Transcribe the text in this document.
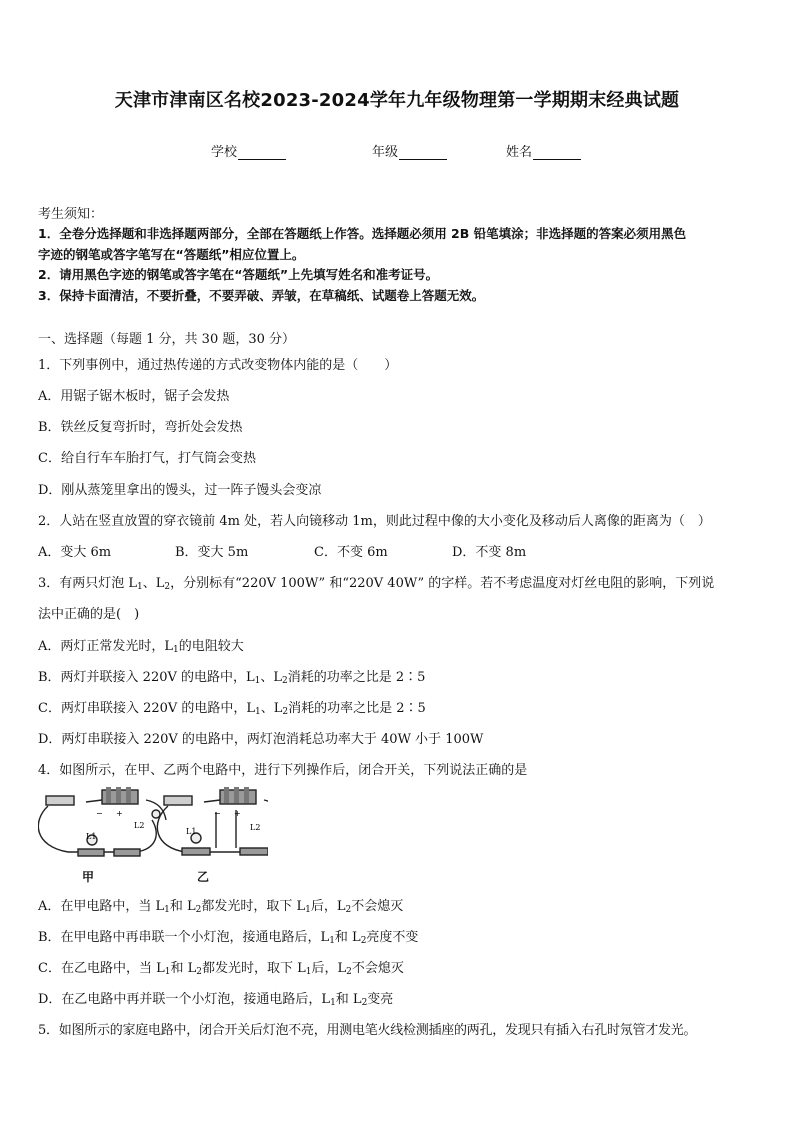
天津市津南区名校2023-2024学年九年级物理第一学期期末经典试题
学校	年级	姓名
考生须知：
1．全卷分选择题和非选择题两部分，全部在答题纸上作答。选择题必须用 2B 铅笔填涂；非选择题的答案必须用黑色
字迹的钢笔或答字笔写在“答题纸”相应位置上。
2．请用黑色字迹的钢笔或答字笔在“答题纸”上先填写姓名和准考证号。
3．保持卡面清洁，不要折叠，不要弄破、弄皱，在草稿纸、试题卷上答题无效。
一、选择题（每题 1 分，共 30 题，30 分）
1．下列事例中，通过热传递的方式改变物体内能的是（　　）
A．用锯子锯木板时，锯子会发热
B．铁丝反复弯折时，弯折处会发热
C．给自行车车胎打气，打气筒会变热
D．刚从蒸笼里拿出的馒头，过一阵子馒头会变凉
2．人站在竖直放置的穿衣镜前 4m 处，若人向镜移动 1m，则此过程中像的大小变化及移动后人离像的距离为（　）
A．变大 6m	B．变大 5m	C．不变 6m	D．不变 8m
3．有两只灯泡 $L_1$、$L_2$，分别标有“220V 100W” 和“220V 40W” 的字样。若不考虑温度对灯丝电阻的影响，下列说
法中正确的是(　)
A．两灯正常发光时，$L_1$的电阻较大
B．两灯并联接入 220V 的电路中，$L_1$、$L_2$消耗的功率之比是 2∶5
C．两灯串联接入 220V 的电路中，$L_1$、$L_2$消耗的功率之比是 2∶5
D．两灯串联接入 220V 的电路中，两灯泡消耗总功率大于 40W 小于 100W
4．如图所示，在甲、乙两个电路中，进行下列操作后，闭合开关，下列说法正确的是
− +
L1
L2
− +
L1	L2
甲	乙
A．在甲电路中，当 $L_1$和 $L_2$都发光时，取下 $L_1$后，$L_2$不会熄灭
B．在甲电路中再串联一个小灯泡，接通电路后，$L_1$和 $L_2$亮度不变
C．在乙电路中，当 $L_1$和 $L_2$都发光时，取下 $L_1$后，$L_2$不会熄灭
D．在乙电路中再并联一个小灯泡，接通电路后，$L_1$和 $L_2$变亮
5．如图所示的家庭电路中，闭合开关后灯泡不亮，用测电笔火线检测插座的两孔，发现只有插入右孔时氖管才发光。
